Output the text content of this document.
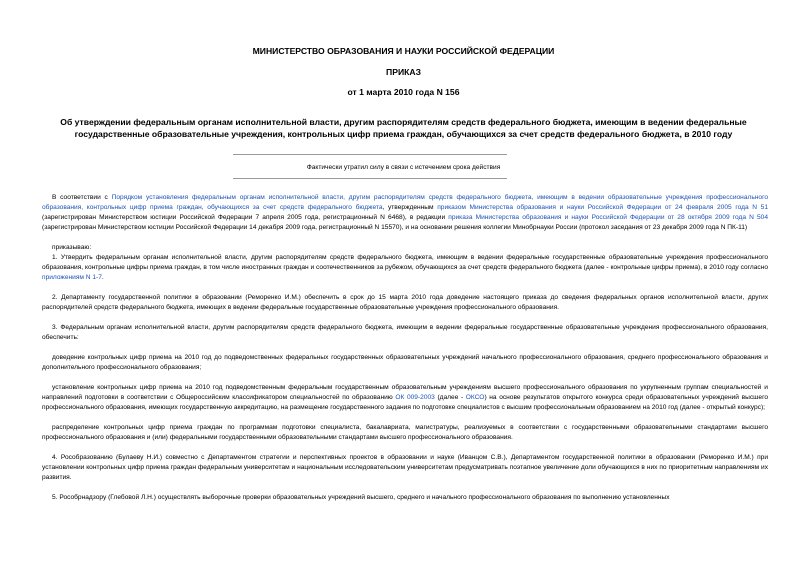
МИНИСТЕРСТВО ОБРАЗОВАНИЯ И НАУКИ РОССИЙСКОЙ ФЕДЕРАЦИИ
ПРИКАЗ
от 1 марта 2010 года N 156
Об утверждении федеральным органам исполнительной власти, другим распорядителям средств федерального бюджета, имеющим в ведении федеральные государственные образовательные учреждения, контрольных цифр приема граждан, обучающихся за счет средств федерального бюджета, в 2010 году
Фактически утратил силу в связи с истечением срока действия

В соответствии с Порядком установления федеральным органам исполнительной власти, другим распорядителям средств федерального бюджета, имеющим в ведении образовательные учреждения профессионального образования, контрольных цифр приема граждан, обучающихся за счет средств федерального бюджета, утвержденным приказом Министерства образования и науки Российской Федерации от 24 февраля 2005 года N 51 (зарегистрирован Министерством юстиции Российской Федерации 7 апреля 2005 года, регистрационный N 6468), в редакции приказа Министерства образования и науки Российской Федерации от 28 октября 2009 года N 504 (зарегистрирован Министерством юстиции Российской Федерации 14 декабря 2009 года, регистрационный N 15570), и на основании решения коллегии Минобрнауки России (протокол заседания от 23 декабря 2009 года N ПК-11)

приказываю:

1. Утвердить федеральным органам исполнительной власти, другим распорядителям средств федерального бюджета, имеющим в ведении федеральные государственные образовательные учреждения профессионального образования, контрольные цифры приема граждан, в том числе иностранных граждан и соотечественников за рубежом, обучающихся за счет средств федерального бюджета (далее - контрольные цифры приема), в 2010 году согласно приложениям N 1-7.

2. Департаменту государственной политики в образовании (Реморенко И.М.) обеспечить в срок до 15 марта 2010 года доведение настоящего приказа до сведения федеральных органов исполнительной власти, других распорядителей средств федерального бюджета, имеющих в ведении федеральные государственные образовательные учреждения профессионального образования.

3. Федеральным органам исполнительной власти, другим распорядителям средств федерального бюджета, имеющим в ведении федеральные государственные образовательные учреждения профессионального образования, обеспечить:

доведение контрольных цифр приема на 2010 год до подведомственных федеральных государственных образовательных учреждений начального профессионального образования, среднего профессионального образования и дополнительного профессионального образования;

установление контрольных цифр приема на 2010 год подведомственным федеральным государственным образовательным учреждениям высшего профессионального образования по укрупненным группам специальностей и направлений подготовки в соответствии с Общероссийским классификатором специальностей по образованию ОК 009-2003 (далее - ОКСО) на основе результатов открытого конкурса среди образовательных учреждений высшего профессионального образования, имеющих государственную аккредитацию, на размещение государственного задания по подготовке специалистов с высшим профессиональным образованием на 2010 год (далее - открытый конкурс);

распределение контрольных цифр приема граждан по программам подготовки специалиста, бакалавриата, магистратуры, реализуемых в соответствии с государственными образовательными стандартами высшего профессионального образования и (или) федеральными государственными образовательными стандартами высшего профессионального образования.

4. Рособразованию (Булаеву Н.И.) совместно с Департаментом стратегии и перспективных проектов в образовании и науке (Иванцом С.В.), Департаментом государственной политики в образовании (Реморенко И.М.) при установлении контрольных цифр приема граждан федеральным университетам и национальным исследовательским университетам предусматривать поэтапное увеличение доли обучающихся в них по приоритетным направлениям их развития.

5. Рособрнадзору (Глебовой Л.Н.) осуществлять выборочные проверки образовательных учреждений высшего, среднего и начального профессионального образования по выполнению установленных
